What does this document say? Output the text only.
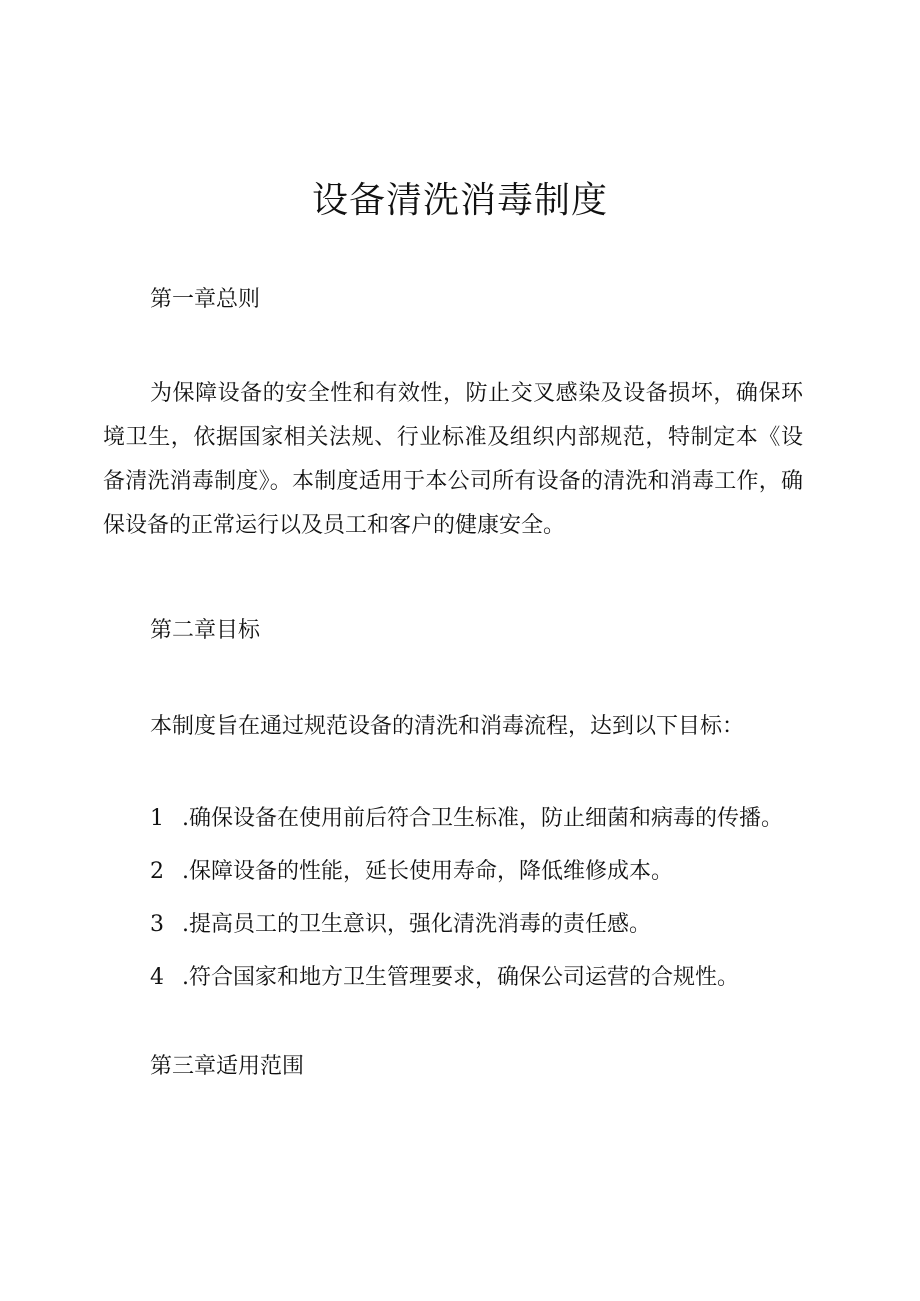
设备清洗消毒制度
第一章总则

为保障设备的安全性和有效性，防止交叉感染及设备损坏，确保环境卫生，依据国家相关法规、行业标准及组织内部规范，特制定本《设备清洗消毒制度》。本制度适用于本公司所有设备的清洗和消毒工作，确保设备的正常运行以及员工和客户的健康安全。

第二章目标

本制度旨在通过规范设备的清洗和消毒流程，达到以下目标：

1 .确保设备在使用前后符合卫生标准，防止细菌和病毒的传播。
2 .保障设备的性能，延长使用寿命，降低维修成本。
3 .提高员工的卫生意识，强化清洗消毒的责任感。
4 .符合国家和地方卫生管理要求，确保公司运营的合规性。
第三章适用范围
